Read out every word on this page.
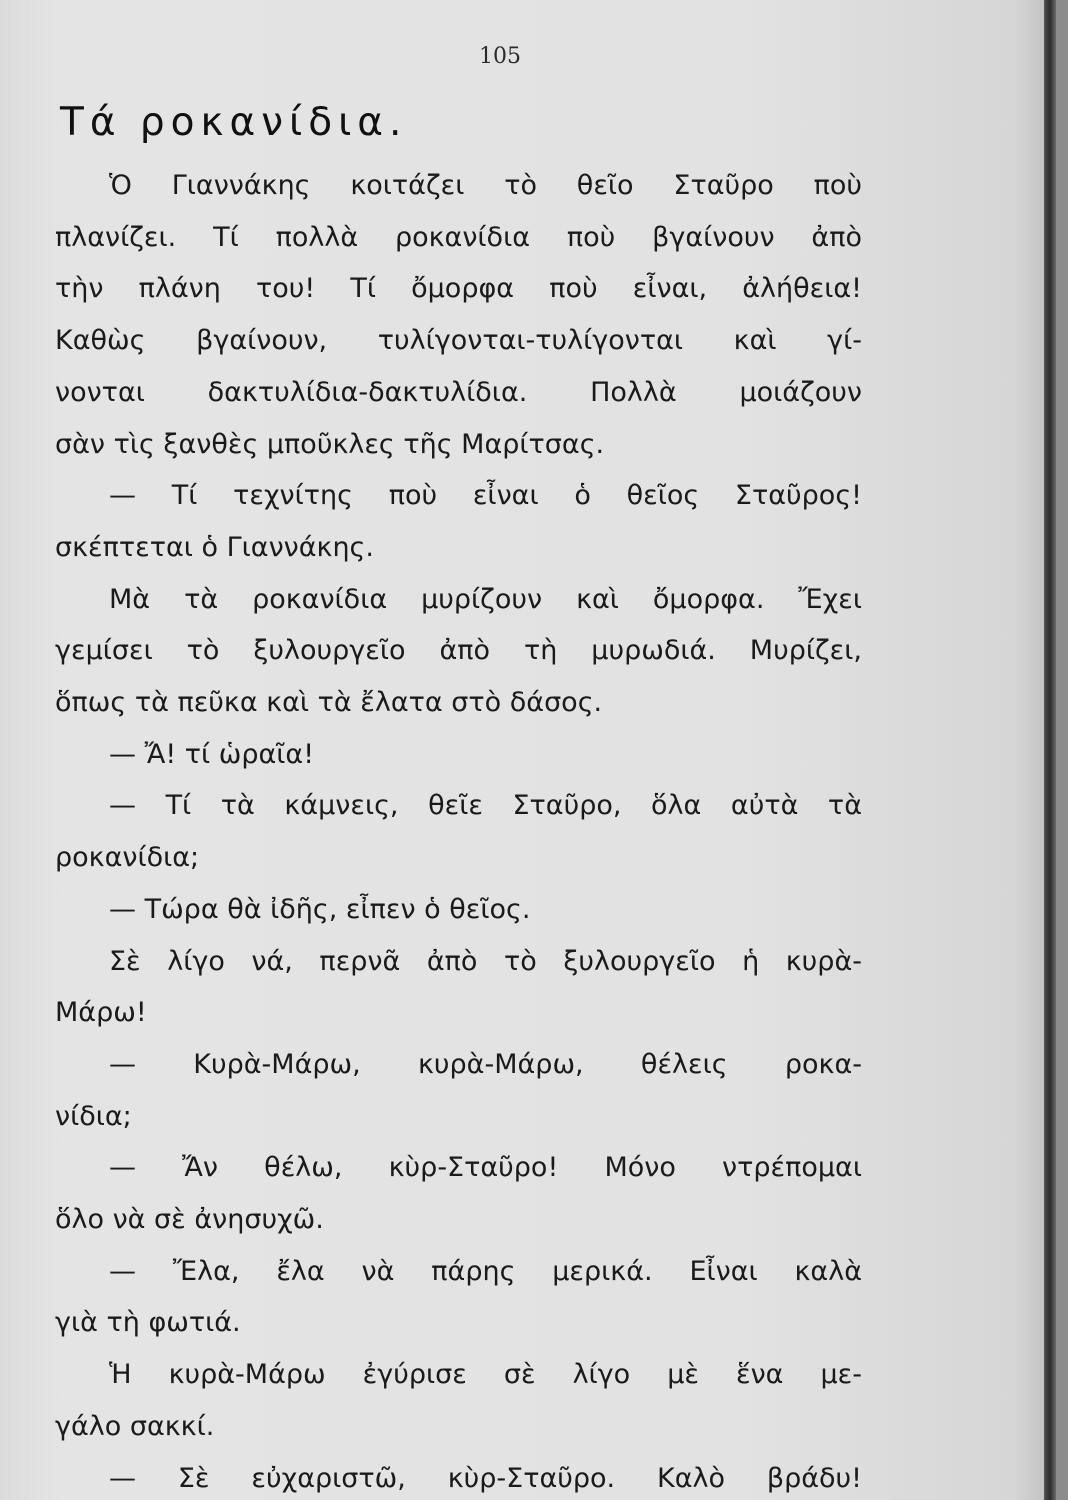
105
Τά ροκανίδια.
Ὁ Γιαννάκης κοιτάζει τὸ θεῖο Σταῦρο ποὺ
πλανίζει. Τί πολλὰ ροκανίδια ποὺ βγαίνουν ἀπὸ
τὴν πλάνη του! Τί ὄμορφα ποὺ εἶναι, ἀλήθεια!
Καθὼς βγαίνουν, τυλίγονται-τυλίγονται καὶ γί-
νονται δακτυλίδια-δακτυλίδια. Πολλὰ μοιάζουν
σὰν τὶς ξανθὲς μποῦκλες τῆς Μαρίτσας.
— Τί τεχνίτης ποὺ εἶναι ὁ θεῖος Σταῦρος!
σκέπτεται ὁ Γιαννάκης.
Μὰ τὰ ροκανίδια μυρίζουν καὶ ὄμορφα. Ἔχει
γεμίσει τὸ ξυλουργεῖο ἀπὸ τὴ μυρωδιά. Μυρίζει,
ὅπως τὰ πεῦκα καὶ τὰ ἔλατα στὸ δάσος.
— Ἄ! τί ὡραῖα!
— Τί τὰ κάμνεις, θεῖε Σταῦρο, ὅλα αὐτὰ τὰ
ροκανίδια;
— Τώρα θὰ ἰδῆς, εἶπεν ὁ θεῖος.
Σὲ λίγο νά, περνᾶ ἀπὸ τὸ ξυλουργεῖο ἡ κυρὰ-
Μάρω!
— Κυρὰ-Μάρω, κυρὰ-Μάρω, θέλεις ροκα-
νίδια;
— Ἄν θέλω, κὺρ-Σταῦρο! Μόνο ντρέπομαι
ὅλο νὰ σὲ ἀνησυχῶ.
— Ἔλα, ἔλα νὰ πάρης μερικά. Εἶναι καλὰ
γιὰ τὴ φωτιά.
Ἡ κυρὰ-Μάρω ἐγύρισε σὲ λίγο μὲ ἕνα με-
γάλο σακκί.
— Σὲ εὐχαριστῶ, κὺρ-Σταῦρο. Καλὸ βράδυ!
